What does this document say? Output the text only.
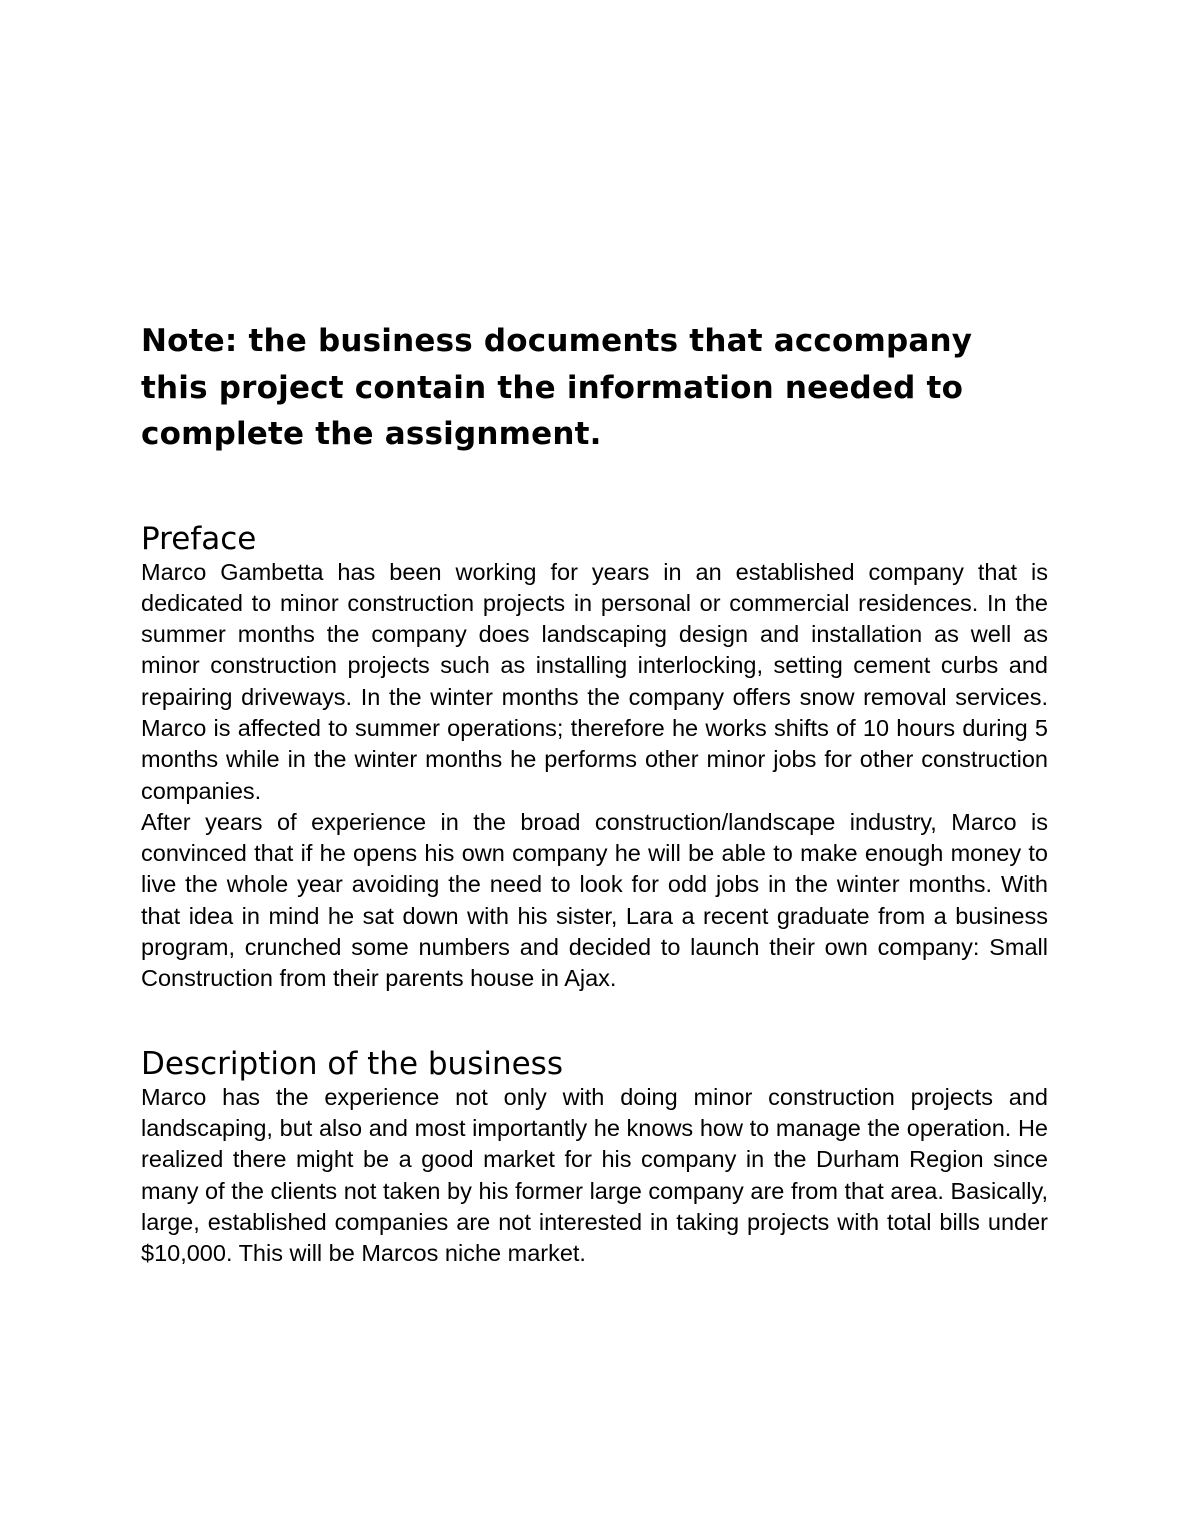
Note: the business documents that accompany this project contain the information needed to complete the assignment.

Preface

Marco Gambetta has been working for years in an established company that is dedicated to minor construction projects in personal or commercial residences. In the summer months the company does landscaping design and installation as well as minor construction projects such as installing interlocking, setting cement curbs and repairing driveways. In the winter months the company offers snow removal services. Marco is affected to summer operations; therefore he works shifts of 10 hours during 5 months while in the winter months he performs other minor jobs for other construction companies.

After years of experience in the broad construction/landscape industry, Marco is convinced that if he opens his own company he will be able to make enough money to live the whole year avoiding the need to look for odd jobs in the winter months. With that idea in mind he sat down with his sister, Lara a recent graduate from a business program, crunched some numbers and decided to launch their own company: Small Construction from their parents house in Ajax.

Description of the business

Marco has the experience not only with doing minor construction projects and landscaping, but also and most importantly he knows how to manage the operation. He realized there might be a good market for his company in the Durham Region since many of the clients not taken by his former large company are from that area. Basically, large, established companies are not interested in taking projects with total bills under $10,000. This will be Marcos niche market.
